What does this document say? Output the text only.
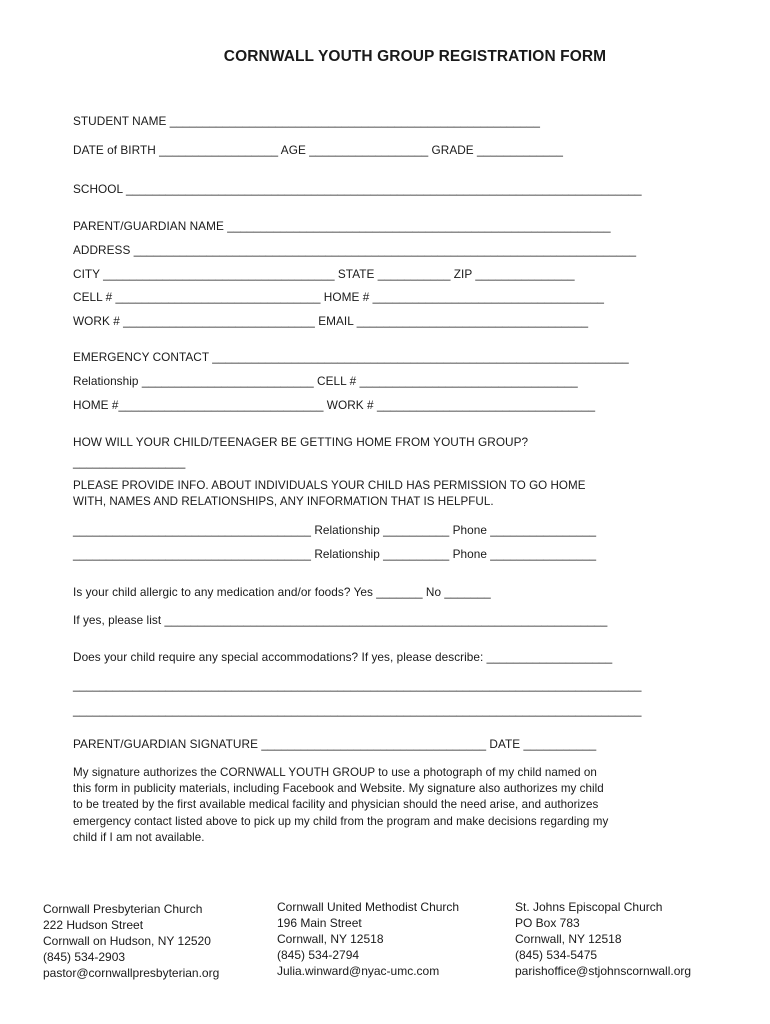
CORNWALL YOUTH GROUP REGISTRATION FORM
STUDENT NAME ________________________________________________________
DATE of BIRTH __________________ AGE __________________ GRADE _____________
SCHOOL ______________________________________________________________________________
PARENT/GUARDIAN NAME __________________________________________________________
ADDRESS ____________________________________________________________________________
CITY ___________________________________ STATE ___________ ZIP _______________
CELL # _______________________________ HOME # ___________________________________
WORK # _____________________________ EMAIL ___________________________________
EMERGENCY CONTACT _______________________________________________________________
Relationship __________________________ CELL # _________________________________
HOME #_______________________________ WORK # _________________________________
HOW WILL YOUR CHILD/TEENAGER BE GETTING HOME FROM YOUTH GROUP?
_________________
PLEASE PROVIDE INFO. ABOUT INDIVIDUALS YOUR CHILD HAS PERMISSION TO GO HOME
WITH, NAMES AND RELATIONSHIPS, ANY INFORMATION THAT IS HELPFUL.
____________________________________ Relationship __________ Phone ________________
____________________________________ Relationship __________ Phone ________________
Is your child allergic to any medication and/or foods? Yes _______ No _______
If yes, please list ___________________________________________________________________
Does your child require any special accommodations? If yes, please describe: ___________________
______________________________________________________________________________________
______________________________________________________________________________________
PARENT/GUARDIAN SIGNATURE __________________________________ DATE ___________
My signature authorizes the CORNWALL YOUTH GROUP to use a photograph of my child named on
this form in publicity materials, including Facebook and Website. My signature also authorizes my child
to be treated by the first available medical facility and physician should the need arise, and authorizes
emergency contact listed above to pick up my child from the program and make decisions regarding my
child if I am not available.
Cornwall Presbyterian Church
222 Hudson Street
Cornwall on Hudson, NY 12520
(845) 534-2903
pastor@cornwallpresbyterian.org
Cornwall United Methodist Church
196 Main Street
Cornwall, NY 12518
(845) 534-2794
Julia.winward@nyac-umc.com
St. Johns Episcopal Church
PO Box 783
Cornwall, NY 12518
(845) 534-5475
parishoffice@stjohnscornwall.org
